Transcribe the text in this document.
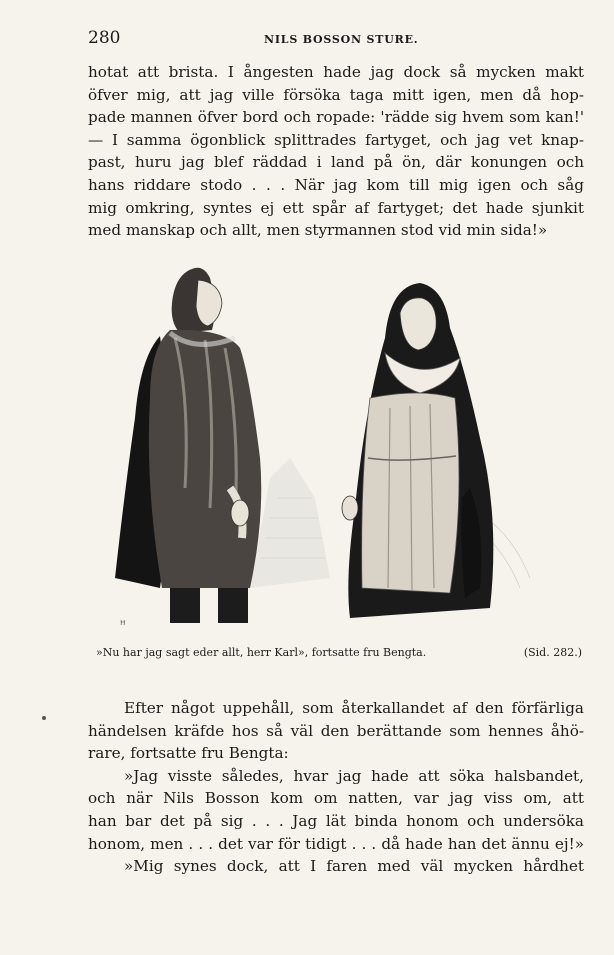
280	NILS BOSSON STURE.
hotat att brista. I ångesten hade jag dock så mycken makt
öfver mig, att jag ville försöka taga mitt igen, men då hop-
pade mannen öfver bord och ropade: 'rädde sig hvem som kan!'
— I samma ögonblick splittrades fartyget, och jag vet knap-
past, huru jag blef räddad i land på ön, där konungen och
hans riddare stodo . . . När jag kom till mig igen och såg
mig omkring, syntes ej ett spår af fartyget; det hade sjunkit
med manskap och allt, men styrmannen stod vid min sida!»
ꟸ
»Nu har jag sagt eder allt, herr Karl», fortsatte fru Bengta.	(Sid. 282.)
Efter något uppehåll, som återkallandet af den förfärliga
händelsen kräfde hos så väl den berättande som hennes åhö-
rare, fortsatte fru Bengta:
»Jag visste således, hvar jag hade att söka halsbandet,
och när Nils Bosson kom om natten, var jag viss om, att
han bar det på sig . . . Jag lät binda honom och undersöka
honom, men . . . det var för tidigt . . . då hade han det ännu ej!»
»Mig synes dock, att I faren med väl mycken hårdhet
